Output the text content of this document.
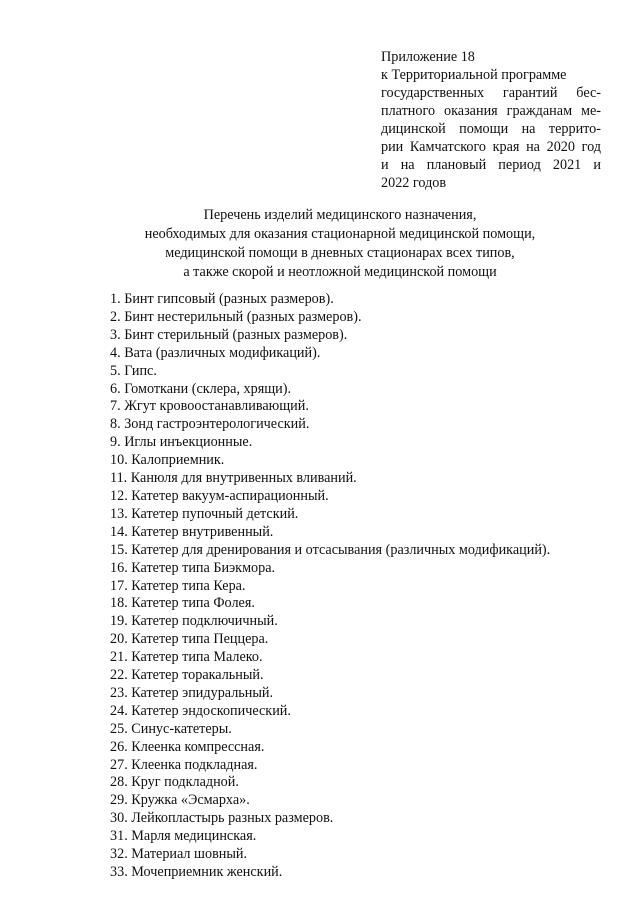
Приложение 18
к Территориальной программе
государственных гарантий бес-
платного оказания гражданам ме-
дицинской помощи на террито-
рии Камчатского края на 2020 год
и на плановый период 2021 и
2022 годов
Перечень изделий медицинского назначения,
необходимых для оказания стационарной медицинской помощи,
медицинской помощи в дневных стационарах всех типов,
а также скорой и неотложной медицинской помощи
1. Бинт гипсовый (разных размеров).
2. Бинт нестерильный (разных размеров).
3. Бинт стерильный (разных размеров).
4. Вата (различных модификаций).
5. Гипс.
6. Гомоткани (склера, хрящи).
7. Жгут кровоостанавливающий.
8. Зонд гастроэнтерологический.
9. Иглы инъекционные.
10. Калоприемник.
11. Канюля для внутривенных вливаний.
12. Катетер вакуум-аспирационный.
13. Катетер пупочный детский.
14. Катетер внутривенный.
15. Катетер для дренирования и отсасывания (различных модификаций).
16. Катетер типа Биэкмора.
17. Катетер типа Кера.
18. Катетер типа Фолея.
19. Катетер подключичный.
20. Катетер типа Пеццера.
21. Катетер типа Малеко.
22. Катетер торакальный.
23. Катетер эпидуральный.
24. Катетер эндоскопический.
25. Синус-катетеры.
26. Клеенка компрессная.
27. Клеенка подкладная.
28. Круг подкладной.
29. Кружка «Эсмарха».
30. Лейкопластырь разных размеров.
31. Марля медицинская.
32. Материал шовный.
33. Мочеприемник женский.
